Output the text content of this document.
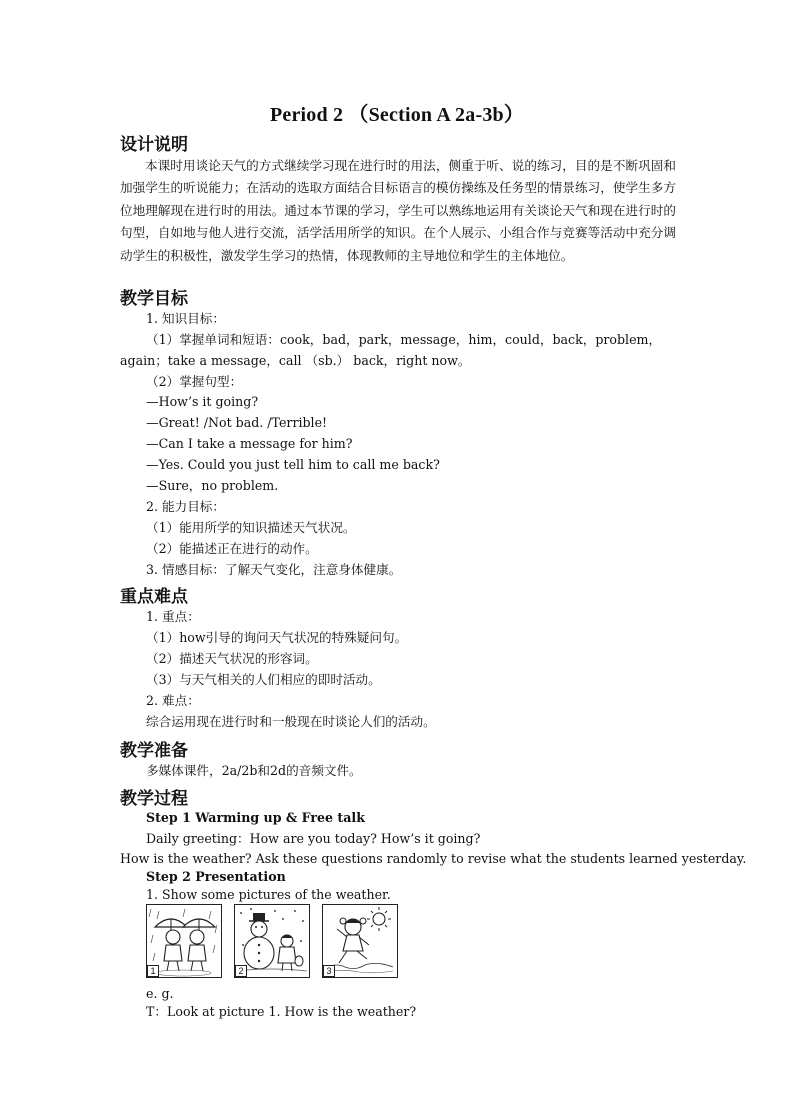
Period 2 （Section A 2a-3b）
设计说明
本课时用谈论天气的方式继续学习现在进行时的用法，侧重于听、说的练习，目的是不断巩固和加强学生的听说能力；在活动的选取方面结合目标语言的模仿操练及任务型的情景练习，使学生多方位地理解现在进行时的用法。通过本节课的学习，学生可以熟练地运用有关谈论天气和现在进行时的句型，自如地与他人进行交流，活学活用所学的知识。在个人展示、小组合作与竞赛等活动中充分调动学生的积极性，激发学生学习的热情，体现教师的主导地位和学生的主体地位。
教学目标
1. 知识目标：
（1）掌握单词和短语：cook，bad，park，message，him，could，back，problem，
again；take a message，call （sb.） back，right now。
（2）掌握句型：
—How’s it going?
—Great! /Not bad. /Terrible!
—Can I take a message for him?
—Yes. Could you just tell him to call me back?
—Sure，no problem.
2. 能力目标：
（1）能用所学的知识描述天气状况。
（2）能描述正在进行的动作。
3. 情感目标：了解天气变化，注意身体健康。
重点难点
1. 重点：
（1）how引导的询问天气状况的特殊疑问句。
（2）描述天气状况的形容词。
（3）与天气相关的人们相应的即时活动。
2. 难点：
综合运用现在进行时和一般现在时谈论人们的活动。
教学准备
多媒体课件，2a/2b和2d的音频文件。
教学过程
Step 1 Warming up & Free talk
Daily greeting：How are you today? How’s it going?
How is the weather? Ask these questions randomly to revise what the students learned yesterday.
Step 2 Presentation
1. Show some pictures of the weather.
1	2	3
e. g.
T：Look at picture 1. How is the weather?
